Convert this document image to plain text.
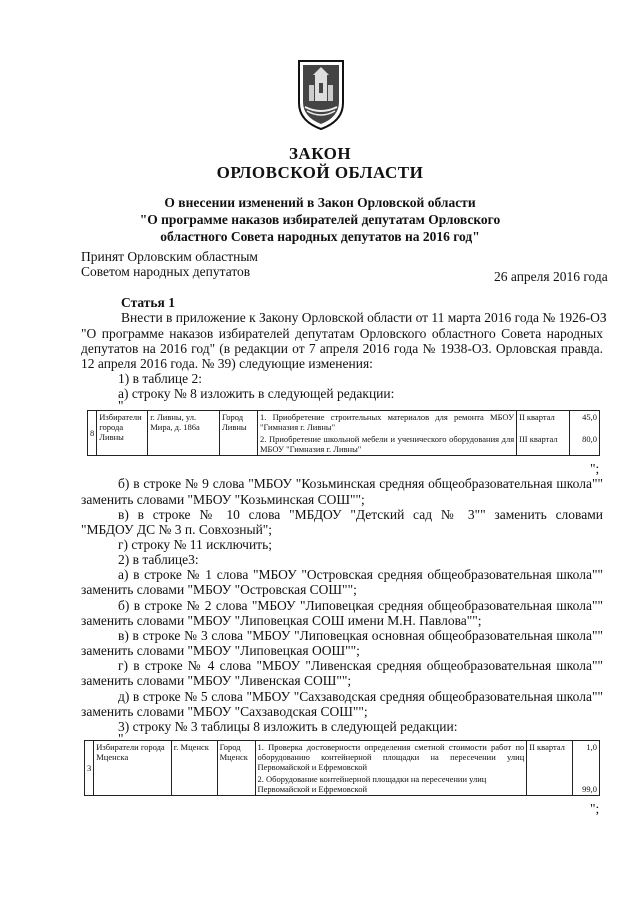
ЗАКОН
ОРЛОВСКОЙ ОБЛАСТИ
О внесении изменений в Закон Орловской области
"О программе наказов избирателей депутатам Орловского
областного Совета народных депутатов на 2016 год"
Принят Орловским областным
Советом народных депутатов	26 апреля 2016 года
Статья 1
Внести в приложение к Закону Орловской области от 11 марта 2016 года № 1926-ОЗ
"О программе наказов избирателей депутатам Орловского областного Совета народных
депутатов на 2016 год" (в редакции от 7 апреля 2016 года № 1938-ОЗ. Орловская правда.
12 апреля 2016 года. № 39) следующие изменения:
1) в таблице 2:
а) строку № 8 изложить в следующей редакции:
"
8	Избиратели города Ливны	г. Ливны, ул. Мира, д. 186а	Город Ливны	1. Приобретение строительных материалов для ремонта МБОУ "Гимназия г. Ливны"	II квартал	45,0
				2. Приобретение школьной мебели и ученического оборудования для МБОУ "Гимназия г. Ливны"	III квартал	80,0
";
б) в строке № 9 слова "МБОУ "Козьминская средняя общеобразовательная школа""
заменить словами "МБОУ "Козьминская СОШ"";
в) в строке № 10 слова "МБДОУ "Детский сад № 3"" заменить словами
"МБДОУ ДС № 3 п. Совхозный";
г) строку № 11 исключить;
2) в таблице3:
а) в строке № 1 слова "МБОУ "Островская средняя общеобразовательная школа""
заменить словами "МБОУ "Островская СОШ"";
б) в строке № 2 слова "МБОУ "Липовецкая средняя общеобразовательная школа""
заменить словами "МБОУ "Липовецкая СОШ имени М.Н. Павлова"";
в) в строке № 3 слова "МБОУ "Липовецкая основная общеобразовательная школа""
заменить словами "МБОУ "Липовецкая ООШ"";
г) в строке № 4 слова "МБОУ "Ливенская средняя общеобразовательная школа""
заменить словами "МБОУ "Ливенская СОШ"";
д) в строке № 5 слова "МБОУ "Сахзаводская средняя общеобразовательная школа""
заменить словами "МБОУ "Сахзаводская СОШ"";
3) строку № 3 таблицы 8 изложить в следующей редакции:
"
3	Избиратели города Мценска	г. Мценск	Город Мценск	1. Проверка достоверности определения сметной стоимости работ по оборудованию контейнерной площадки на пересечении улиц Первомайской и Ефремовской	II квартал	1,0
				2. Оборудование контейнерной площадки на пересечении улиц Первомайской и Ефремовской		99,0
";
